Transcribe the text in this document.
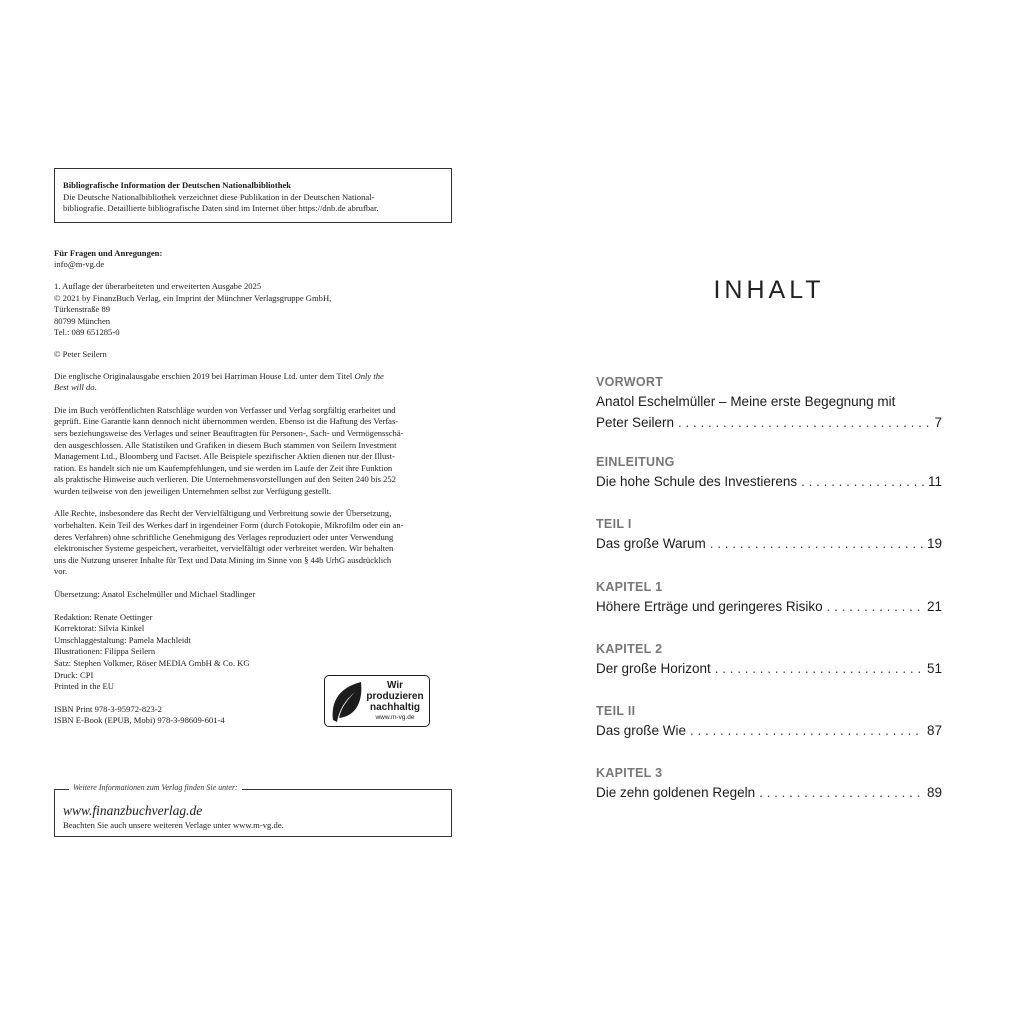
Bibliografische Information der Deutschen Nationalbibliothek
Die Deutsche Nationalbibliothek verzeichnet diese Publikation in der Deutschen National-
bibliografie. Detaillierte bibliografische Daten sind im Internet über https://dnb.de abrufbar.
Für Fragen und Anregungen:
info@m-vg.de
1. Auflage der überarbeiteten und erweiterten Ausgabe 2025
© 2021 by FinanzBuch Verlag, ein Imprint der Münchner Verlagsgruppe GmbH,
Türkenstraße 89
80799 München
Tel.: 089 651285-0
© Peter Seilern
Die englische Originalausgabe erschien 2019 bei Harriman House Ltd. unter dem Titel Only the
Best will do.
Die im Buch veröffentlichten Ratschläge wurden von Verfasser und Verlag sorgfältig erarbeitet und
geprüft. Eine Garantie kann dennoch nicht übernommen werden. Ebenso ist die Haftung des Verfas-
sers beziehungsweise des Verlages und seiner Beauftragten für Personen-, Sach- und Vermögensschä-
den ausgeschlossen. Alle Statistiken und Grafiken in diesem Buch stammen von Seilern Investment
Management Ltd., Bloomberg und Factset. Alle Beispiele spezifischer Aktien dienen nur der Illust-
ration. Es handelt sich nie um Kaufempfehlungen, und sie werden im Laufe der Zeit ihre Funktion
als praktische Hinweise auch verlieren. Die Unternehmensvorstellungen auf den Seiten 240 bis 252
wurden teilweise von den jeweiligen Unternehmen selbst zur Verfügung gestellt.
Alle Rechte, insbesondere das Recht der Vervielfältigung und Verbreitung sowie der Übersetzung,
vorbehalten. Kein Teil des Werkes darf in irgendeiner Form (durch Fotokopie, Mikrofilm oder ein an-
deres Verfahren) ohne schriftliche Genehmigung des Verlages reproduziert oder unter Verwendung
elektronischer Systeme gespeichert, verarbeitet, vervielfältigt oder verbreitet werden. Wir behalten
uns die Nutzung unserer Inhalte für Text und Data Mining im Sinne von § 44b UrhG ausdrücklich
vor.
Übersetzung: Anatol Eschelmüller und Michael Stadlinger
Redaktion: Renate Oettinger
Korrektorat: Silvia Kinkel
Umschlaggestaltung: Pamela Machleidt
Illustrationen: Filippa Seilern
Satz: Stephen Volkmer, Röser MEDIA GmbH & Co. KG
Druck: CPI
Printed in the EU
ISBN Print 978-3-95972-823-2
ISBN E-Book (EPUB, Mobi) 978-3-98609-601-4
Wir produzieren
nachhaltig
www.m-vg.de
Weitere Informationen zum Verlag finden Sie unter:
www.finanzbuchverlag.de
Beachten Sie auch unsere weiteren Verlage unter www.m-vg.de.
INHALT
VORWORT
Anatol Eschelmüller – Meine erste Begegnung mit
Peter Seilern . . .	7
EINLEITUNG
Die hohe Schule des Investierens . . .	11
TEIL I
Das große Warum . . .	19
KAPITEL 1
Höhere Erträge und geringeres Risiko . . .	21
KAPITEL 2
Der große Horizont . . .	51
TEIL II
Das große Wie . . .	87
KAPITEL 3
Die zehn goldenen Regeln . . .	89
